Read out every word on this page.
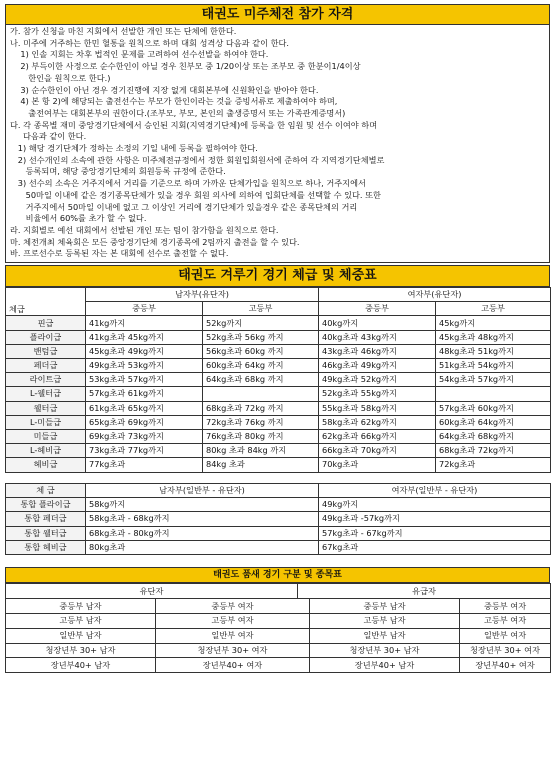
태권도 미주체전 참가 자격
가. 참가 신청을 마친 지회에서 선발한 개인 또는 단체에 한한다.
나. 미주에 거주하는 한민 혈통을 원칙으로 하며 대회 성격상 다음과 같이 한다.
1) 인솔 지회는 차후 법적인 문제를 고려하여 선수선발을 하여야 한다.
2) 부득이한 사정으로 순수한인이 아닐 경우 친부모 중 1/20이상 또는 조부모 중 한분이1/4이상
한인을 원칙으로 한다.)
3) 순수한인이 아닌 경우 경기진행에 지장 없게 대회본부에 신원확인을 받아야 한다.
4) 본 항 2)에 해당되는 출전선수는 부모가 한인이라는 것을 증빙서류로 제출하여야 하며,
출전여부는 대회본부의 권한이다.(조부모, 부모, 본인의 출생증명서 또는 가족관계증명서)
다. 각 종목별 재미 중앙경기단체에서 승인된 지회(지역경기단체)에 등록을 한 임원 및 선수 이여야 하며
다음과 같이 한다.
1) 해당 경기단체가 정하는 소정의 기일 내에 등록을 필하여야 한다.
2) 선수개인의 소속에 관한 사항은 미주체전규정에서 정한 회원입회원서에 준하여 각 지역경기단체별로
등록되며, 해당 중앙경기단체의 회원등록 규정에 준한다.
3) 선수의 소속은 거주지에서 거리를 기준으로 하며 가까운 단체가입을 원칙으로 하나, 거주지에서
50마일 이내에 같은 경기종목단체가 있을 경우 회원 의사에 의하여 입회단체를 선택할 수 있다. 또한
거주지에서 50마일 이내에 없고 그 이상인 거리에 경기단체가 있을경우 같은 종목단체의 거리
비율에서 60%를 초가 할 수 없다.
라. 지회별로 예선 대회에서 선발된 개인 또는 팀이 참가함을 원칙으로 한다.
마. 체전개최 체육회은 모든 중앙경기단체 경기종목에 2팀까지 출전을 할 수 있다.
바. 프로선수로 등록된 자는 본 대회에 선수로 출전할 수 없다.
태권도 겨루기 경기 체급 및 체중표
체급	남자부(유단자)		여자부(유단자)	
	중등부	고등부	중등부	고등부
핀급	41kg까지	52kg까지	40kg까지	45kg까지
플라이급	41kg초과 45kg까지	52kg초과 56kg 까지	40kg초과 43kg까지	45kg초과 48kg까지
밴텀급	45kg초과 49kg까지	56kg초과 60kg 까지	43kg초과 46kg까지	48kg초과 51kg까지
페더급	49kg초과 53kg까지	60kg초과 64kg 까지	46kg초과 49kg까지	51kg초과 54kg까지
라이트급	53kg초과 57kg까지	64kg초과 68kg 까지	49kg초과 52kg까지	54kg초과 57kg까지
L-웰터급	57kg초과 61kg까지		52kg초과 55kg까지	
웰터급	61kg초과 65kg까지	68kg초과 72kg 까지	55kg초과 58kg까지	57kg초과 60kg까지
L-미들급	65kg초과 69kg까지	72kg초과 76kg 까지	58kg초과 62kg까지	60kg초과 64kg까지
미들급	69kg초과 73kg까지	76kg초과 80kg 까지	62kg초과 66kg까지	64kg초과 68kg까지
L-헤비급	73kg초과 77kg까지	80kg 초과 84kg 까지	66kg초과 70kg까지	68kg초과 72kg까지
헤비급	77kg초과	84kg 초과	70kg초과	72kg초과
체 급	남자부(일반부 - 유단자)	여자부(일반부 - 유단자)
통합 플라이급	58kg까지	49kg까지
통합 페더급	58kg초과 - 68kg까지	49kg초과 -57kg까지
통합 웰터급	68kg초과 - 80kg까지	57kg초과 - 67kg까지
통합 헤비급	80kg초과	67kg초과
태권도 품새 경기 구분 및 종목표
유단자		유급자		
중등부 남자	중등부 여자		중등부 남자	중등부 여자
고등부 남자	고등부 여자		고등부 남자	고등부 여자
일반부 남자	일반부 여자		일반부 남자	일반부 여자
청장년부 30+ 남자	청장년부 30+ 여자		청장년부 30+ 남자	청장년부 30+ 여자
장년부40+ 남자	장년부40+ 여자		장년부40+ 남자	장년부40+ 여자
